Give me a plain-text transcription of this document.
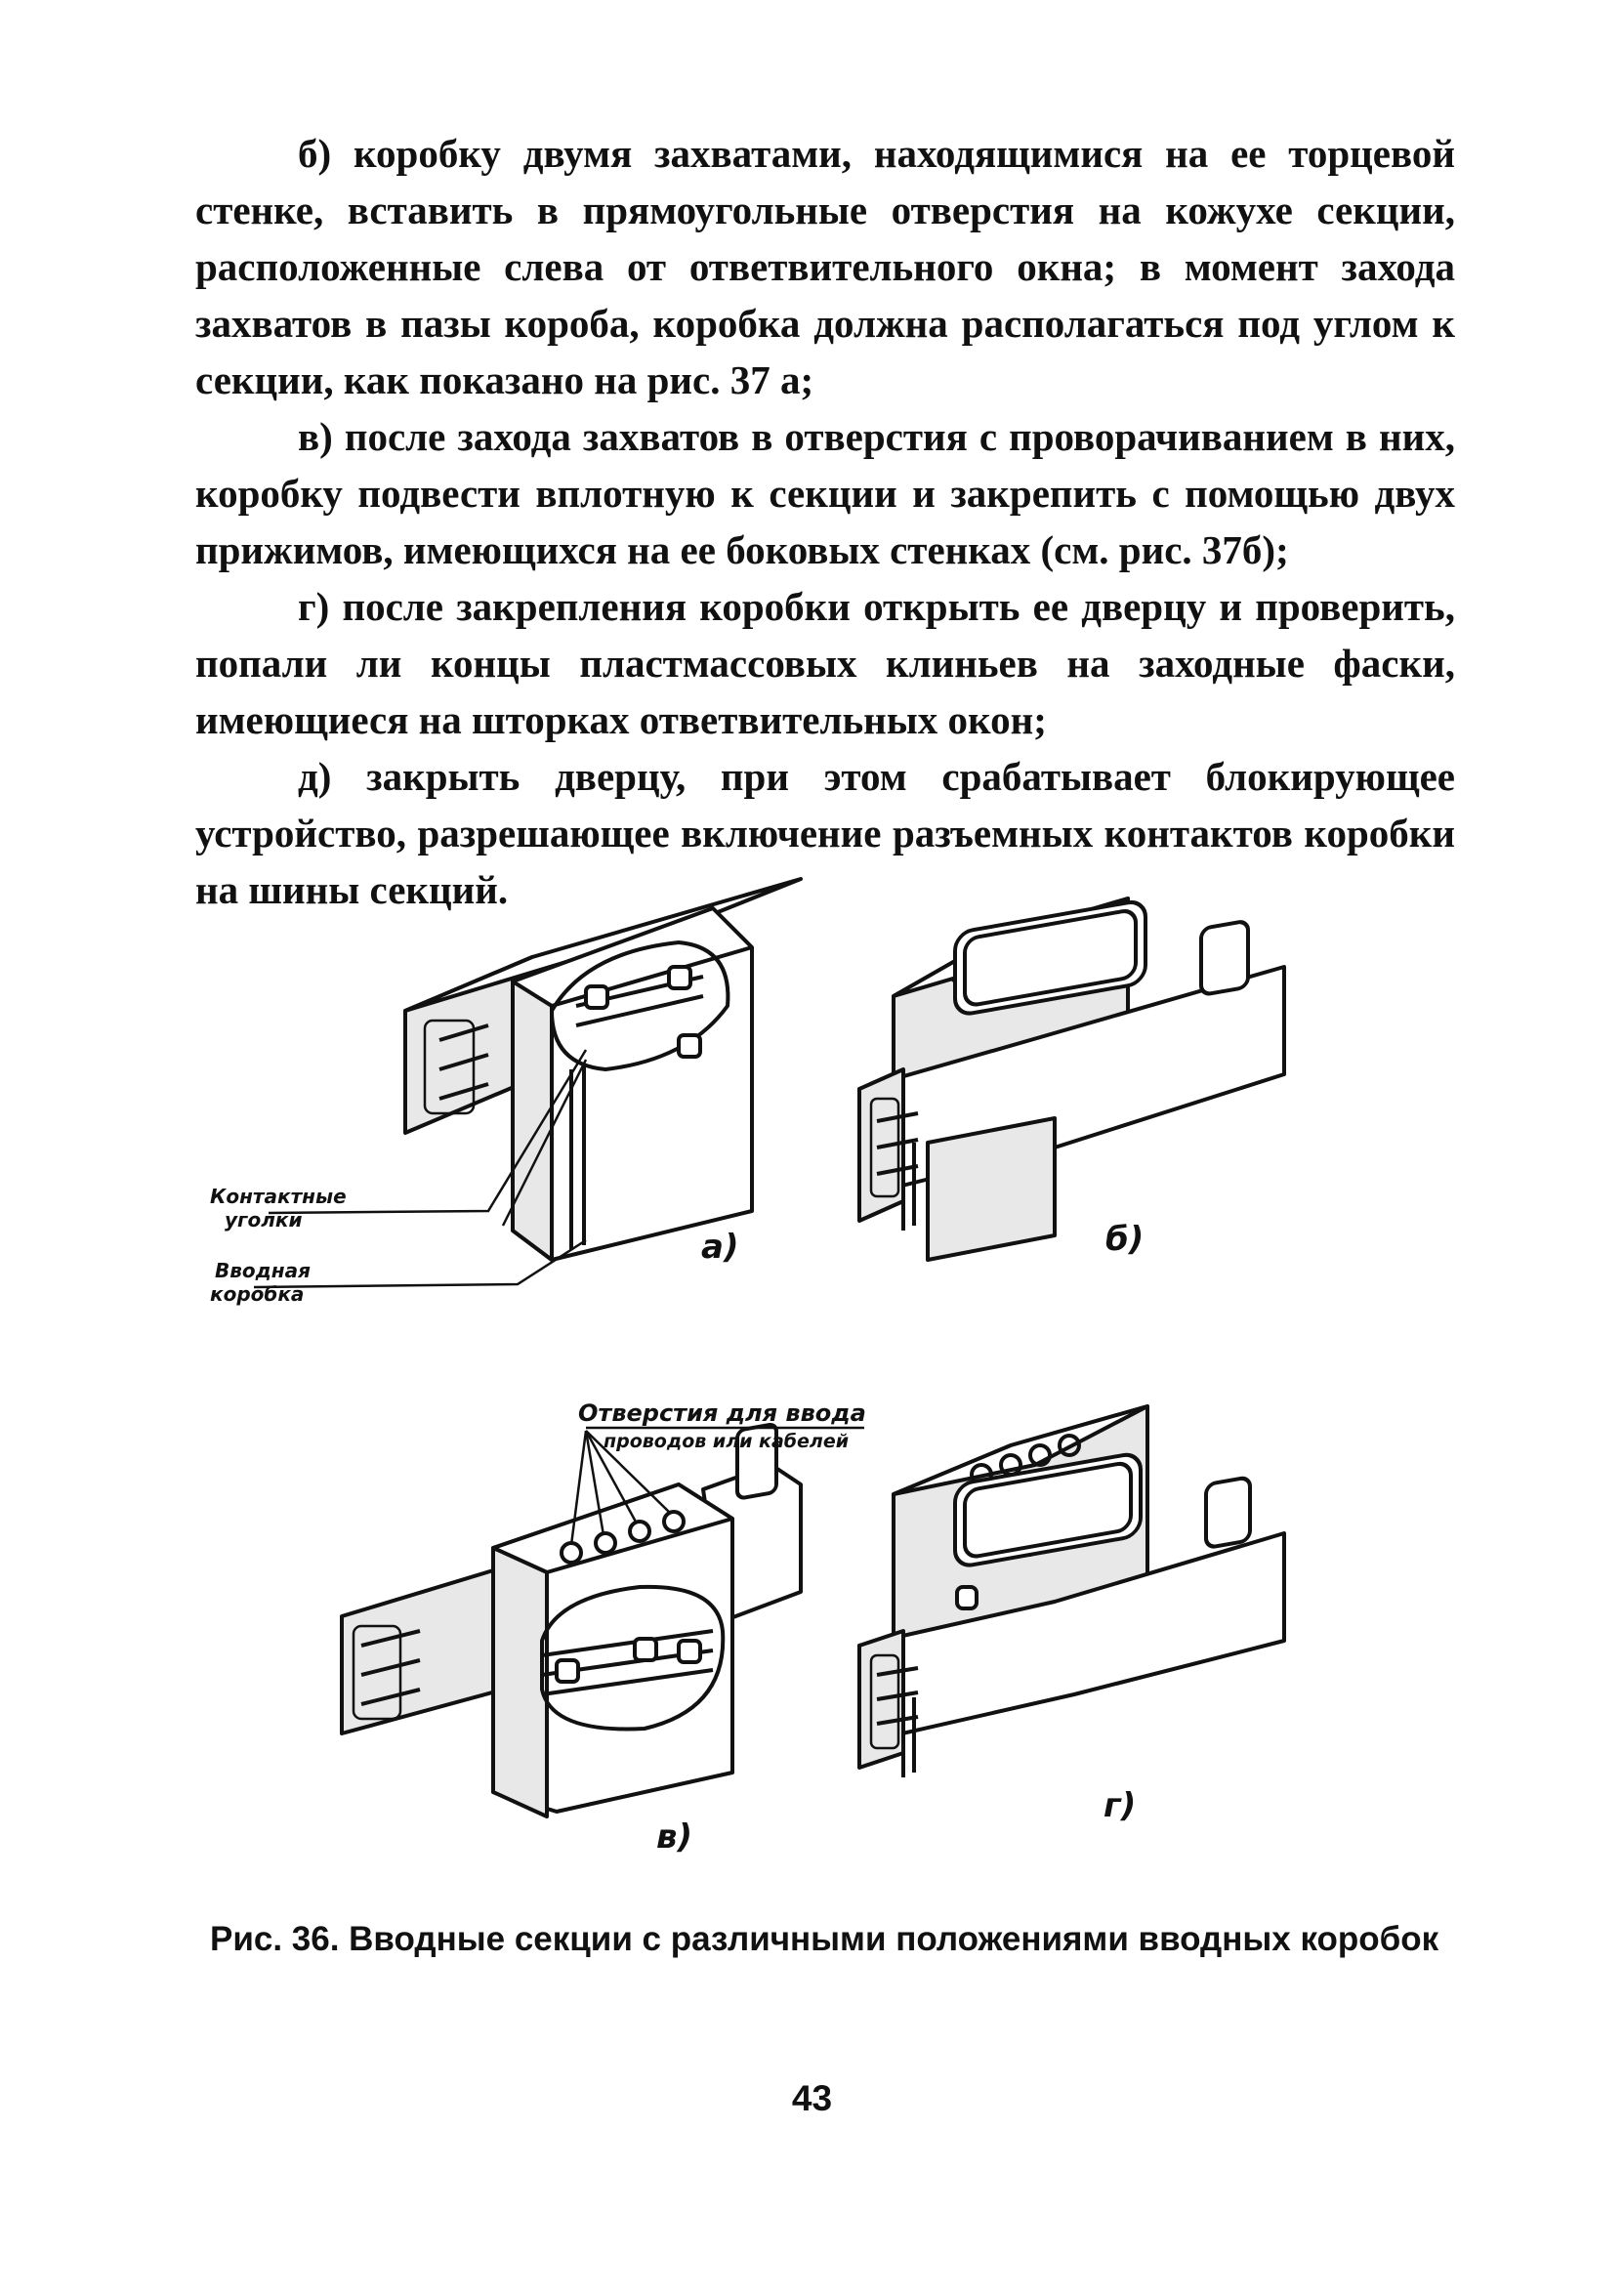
б) коробку двумя захватами, находящимися на ее торцевой стенке, вставить в прямоугольные отверстия на кожухе секции, расположенные слева от ответвительного окна; в момент захода захватов в пазы короба, коробка должна располагаться под углом к секции, как показано на рис. 37 а;

в) после захода захватов в отверстия с проворачиванием в них, коробку подвести вплотную к секции и закрепить с помощью двух прижимов, имеющихся на ее боковых стенках (см. рис. 37б);

г) после закрепления коробки открыть ее дверцу и проверить, попали ли концы пластмассовых клиньев на заходные фаски, имеющиеся на шторках ответвительных окон;

д) закрыть дверцу, при этом срабатывает блокирующее устройство, разрешающее включение разъемных контактов коробки на шины секций.

Контактные
уголки
Вводная
коробка
а)	б)
Отверстия для ввода
проводов или кабелей
в)
г)
Рис. 36. Вводные секции с различными положениями вводных коробок
43
